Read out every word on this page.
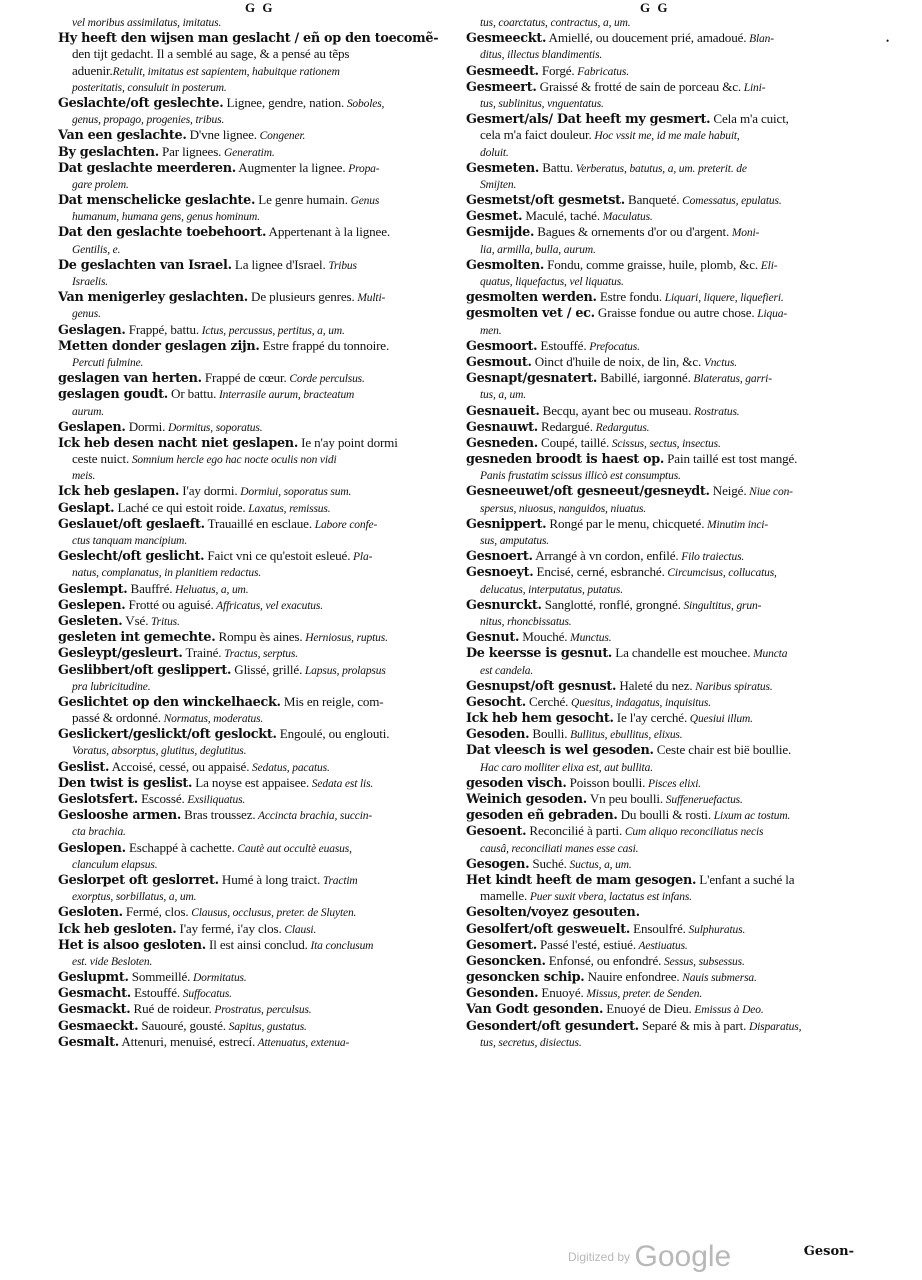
G G	G G
•
vel moribus assimilatus, imitatus.
Hy heeft den wijsen man geslacht / eñ op den toecomẽ-
den tijt gedacht. Il a semblé au sage, & a pensé au tẽps
aduenir.Retulit, imitatus est sapientem, habuitque rationem
posteritatis, consuluit in posterum.
Geslachte/oft geslechte. Lignee, gendre, nation. Soboles,
genus, propago, progenies, tribus.
Van een geslachte. D'vne lignee. Congener.
By geslachten. Par lignees. Generatim.
Dat geslachte meerderen. Augmenter la lignee. Propa-
gare prolem.
Dat menschelicke geslachte. Le genre humain. Genus
humanum, humana gens, genus hominum.
Dat den geslachte toebehoort. Appertenant à la lignee.
Gentilis, e.
De geslachten van Israel. La lignee d'Israel. Tribus
Israelis.
Van menigerley geslachten. De plusieurs genres. Multi-
genus.
Geslagen. Frappé, battu. Ictus, percussus, pertitus, a, um.
Metten donder geslagen zijn. Estre frappé du tonnoire.
Percuti fulmine.
geslagen van herten. Frappé de cœur. Corde perculsus.
geslagen goudt. Or battu. Interrasile aurum, bracteatum
aurum.
Geslapen. Dormi. Dormitus, soporatus.
Ick heb desen nacht niet geslapen. Ie n'ay point dormi
ceste nuict. Somnium hercle ego hac nocte oculis non vidi
meis.
Ick heb geslapen. I'ay dormi. Dormiui, soporatus sum.
Geslapt. Laché ce qui estoit roide. Laxatus, remissus.
Geslauet/oft geslaeft. Trauaillé en esclaue. Labore confe-
ctus tanquam mancipium.
Geslecht/oft geslicht. Faict vni ce qu'estoit esleué. Pla-
natus, complanatus, in planitiem redactus.
Geslempt. Bauffré. Heluatus, a, um.
Geslepen. Frotté ou aguisé. Affricatus, vel exacutus.
Gesleten. Vsé. Tritus.
gesleten int gemechte. Rompu ès aines. Herniosus, ruptus.
Gesleypt/gesleurt. Trainé. Tractus, serptus.
Geslibbert/oft geslippert. Glissé, grillé. Lapsus, prolapsus
pra lubricitudine.
Geslichtet op den winckelhaeck. Mis en reigle, com-
passé & ordonné. Normatus, moderatus.
Geslickert/geslickt/oft geslockt. Engoulé, ou englouti.
Voratus, absorptus, glutitus, deglutitus.
Geslist. Accoisé, cessé, ou appaisé. Sedatus, pacatus.
Den twist is geslist. La noyse est appaisee. Sedata est lis.
Geslotsfert. Escossé. Exsiliquatus.
Geslooshe armen. Bras troussez. Accincta brachia, succin-
cta brachia.
Geslopen. Eschappé à cachette. Cautè aut occultè euasus,
clanculum elapsus.
Geslorpet oft geslorret. Humé à long traict. Tractim
exorptus, sorbillatus, a, um.
Gesloten. Fermé, clos. Clausus, occlusus, preter. de Sluyten.
Ick heb gesloten. I'ay fermé, i'ay clos. Clausi.
Het is alsoo gesloten. Il est ainsi conclud. Ita conclusum
est. vide Besloten.
Geslupmt. Sommeillé. Dormitatus.
Gesmacht. Estouffé. Suffocatus.
Gesmackt. Rué de roideur. Prostratus, perculsus.
Gesmaeckt. Sauouré, gousté. Sapitus, gustatus.
Gesmalt. Attenuri, menuisé, estrecí. Attenuatus, extenua-
tus, coarctatus, contractus, a, um.
Gesmeeckt. Amiellé, ou doucement prié, amadoué. Blan-
ditus, illectus blandimentis.
Gesmeedt. Forgé. Fabricatus.
Gesmeert. Graissé & frotté de sain de porceau &c. Lini-
tus, sublinitus, vnguentatus.
Gesmert/als/ Dat heeft my gesmert. Cela m'a cuict,
cela m'a faict douleur. Hoc vssit me, id me male habuit,
doluit.
Gesmeten. Battu. Verberatus, batutus, a, um. preterit. de
Smijten.
Gesmetst/oft gesmetst. Banqueté. Comessatus, epulatus.
Gesmet. Maculé, taché. Maculatus.
Gesmijde. Bagues & ornements d'or ou d'argent. Moni-
lia, armilla, bulla, aurum.
Gesmolten. Fondu, comme graisse, huile, plomb, &c. Eli-
quatus, liquefactus, vel liquatus.
gesmolten werden. Estre fondu. Liquari, liquere, liquefieri.
gesmolten vet / ec. Graisse fondue ou autre chose. Liqua-
men.
Gesmoort. Estouffé. Prefocatus.
Gesmout. Oinct d'huile de noix, de lin, &c. Vnctus.
Gesnapt/gesnatert. Babillé, iargonné. Blateratus, garri-
tus, a, um.
Gesnaueit. Becqu, ayant bec ou museau. Rostratus.
Gesnauwt. Redargué. Redargutus.
Gesneden. Coupé, taillé. Scissus, sectus, insectus.
gesneden broodt is haest op. Pain taillé est tost mangé.
Panis frustatim scissus illicò est consumptus.
Gesneeuwet/oft gesneeut/gesneydt. Neigé. Niue con-
spersus, niuosus, nanguidos, niuatus.
Gesnippert. Rongé par le menu, chicqueté. Minutim inci-
sus, amputatus.
Gesnoert. Arrangé à vn cordon, enfilé. Filo traiectus.
Gesnoeyt. Encisé, cerné, esbranché. Circumcisus, collucatus,
delucatus, interputatus, putatus.
Gesnurckt. Sanglotté, ronflé, grongné. Singultitus, grun-
nitus, rhoncbissatus.
Gesnut. Mouché. Munctus.
De keersse is gesnut. La chandelle est mouchee. Muncta
est candela.
Gesnupst/oft gesnust. Haleté du nez. Naribus spiratus.
Gesocht. Cerché. Quesitus, indagatus, inquisitus.
Ick heb hem gesocht. Ie l'ay cerché. Quesiui illum.
Gesoden. Boulli. Bullitus, ebullitus, elixus.
Dat vleesch is wel gesoden. Ceste chair est bië boullie.
Hac caro molliter elixa est, aut bullita.
gesoden visch. Poisson boulli. Pisces elixi.
Weinich gesoden. Vn peu boulli. Suffeneruefactus.
gesoden eñ gebraden. Du boulli & rosti. Lixum ac tostum.
Gesoent. Reconcilié à parti. Cum aliquo reconciliatus necis
causâ, reconciliati manes esse casi.
Gesogen. Suché. Suctus, a, um.
Het kindt heeft de mam gesogen. L'enfant a suché la
mamelle. Puer suxit vbera, lactatus est infans.
Gesolten/voyez gesouten.
Gesolfert/oft gesweuelt. Ensoulfré. Sulphuratus.
Gesomert. Passé l'esté, estiué. Aestiuatus.
Gesoncken. Enfonsé, ou enfondré. Sessus, subsessus.
gesoncken schip. Nauire enfondree. Nauis submersa.
Gesonden. Enuoyé. Missus, preter. de Senden.
Van Godt gesonden. Enuoyé de Dieu. Emissus à Deo.
Gesondert/oft gesundert. Separé & mis à part. Disparatus,
tus, secretus, disiectus.
Geson-
Digitized by Google
